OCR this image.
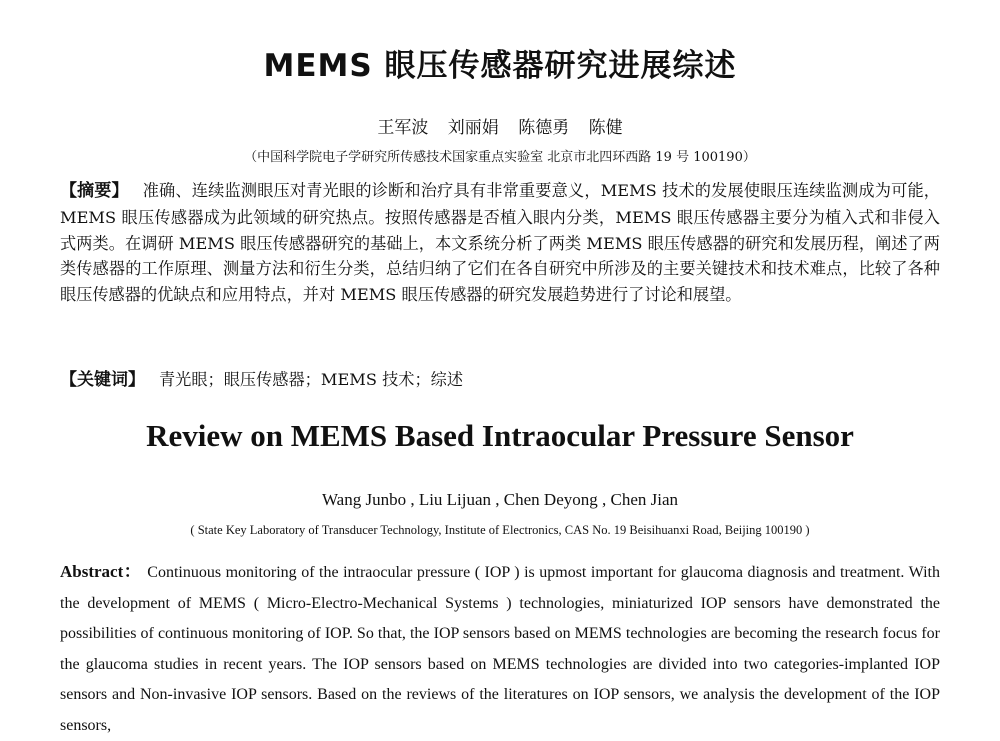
MEMS 眼压传感器研究进展综述
王军波 刘丽娟 陈德勇 陈健
（中国科学院电子学研究所传感技术国家重点实验室 北京市北四环西路 19 号 100190）
【摘要】 准确、连续监测眼压对青光眼的诊断和治疗具有非常重要意义，MEMS 技术的发展使眼压连续监测成为可能，MEMS 眼压传感器成为此领域的研究热点。按照传感器是否植入眼内分类，MEMS 眼压传感器主要分为植入式和非侵入式两类。在调研 MEMS 眼压传感器研究的基础上，本文系统分析了两类 MEMS 眼压传感器的研究和发展历程，阐述了两类传感器的工作原理、测量方法和衍生分类，总结归纳了它们在各自研究中所涉及的主要关键技术和技术难点，比较了各种眼压传感器的优缺点和应用特点，并对 MEMS 眼压传感器的研究发展趋势进行了讨论和展望。
【关键词】 青光眼；眼压传感器；MEMS 技术；综述
Review on MEMS Based Intraocular Pressure Sensor
Wang Junbo , Liu Lijuan , Chen Deyong , Chen Jian
( State Key Laboratory of Transducer Technology, Institute of Electronics, CAS No. 19 Beisihuanxi Road, Beijing 100190 )
Abstract： Continuous monitoring of the intraocular pressure ( IOP ) is upmost important for glaucoma diagnosis and treatment. With the development of MEMS ( Micro-Electro-Mechanical Systems ) technologies, miniaturized IOP sensors have demonstrated the possibilities of continuous monitoring of IOP. So that, the IOP sensors based on MEMS technologies are becoming the research focus for the glaucoma studies in recent years. The IOP sensors based on MEMS technologies are divided into two categories-implanted IOP sensors and Non-invasive IOP sensors. Based on the reviews of the literatures on IOP sensors, we analysis the development of the IOP sensors,
